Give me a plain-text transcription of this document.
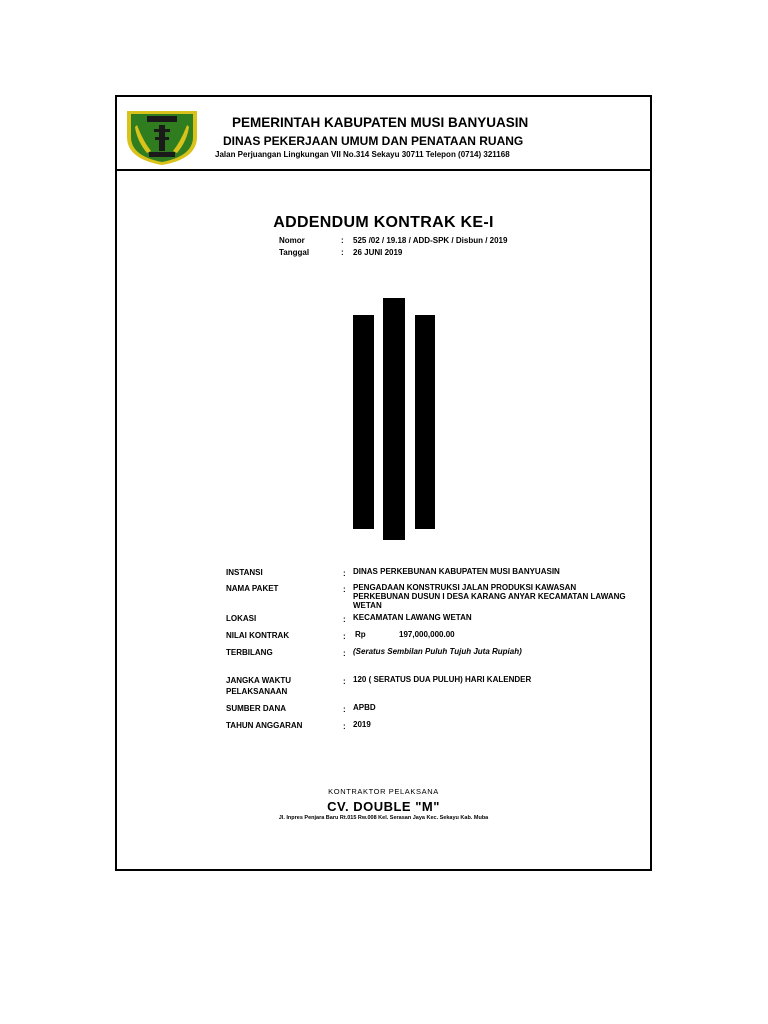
PEMERINTAH KABUPATEN MUSI BANYUASIN
DINAS PEKERJAAN UMUM DAN PENATAAN RUANG
Jalan Perjuangan Lingkungan VII No.314 Sekayu 30711 Telepon (0714) 321168
ADDENDUM KONTRAK KE-I
Nomor	: 525 /02 / 19.18 / ADD-SPK / Disbun / 2019
Tanggal	: 26 JUNI 2019
INSTANSI	: DINAS PERKEBUNAN KABUPATEN MUSI BANYUASIN
NAMA PAKET	: PENGADAAN KONSTRUKSI JALAN PRODUKSI KAWASAN PERKEBUNAN DUSUN I DESA KARANG ANYAR KECAMATAN LAWANG WETAN
LOKASI	: KECAMATAN LAWANG WETAN
NILAI KONTRAK	: Rp	197,000,000.00
TERBILANG	: (Seratus Sembilan Puluh Tujuh Juta Rupiah)
JANGKA WAKTU
PELAKSANAAN
: 120 ( SERATUS DUA PULUH) HARI KALENDER
SUMBER DANA	: APBD
TAHUN ANGGARAN	: 2019
KONTRAKTOR PELAKSANA
CV. DOUBLE "M"
Jl. Inpres Penjara Baru Rt.015 Rw.008 Kel. Serasan Jaya Kec. Sekayu Kab. Muba
